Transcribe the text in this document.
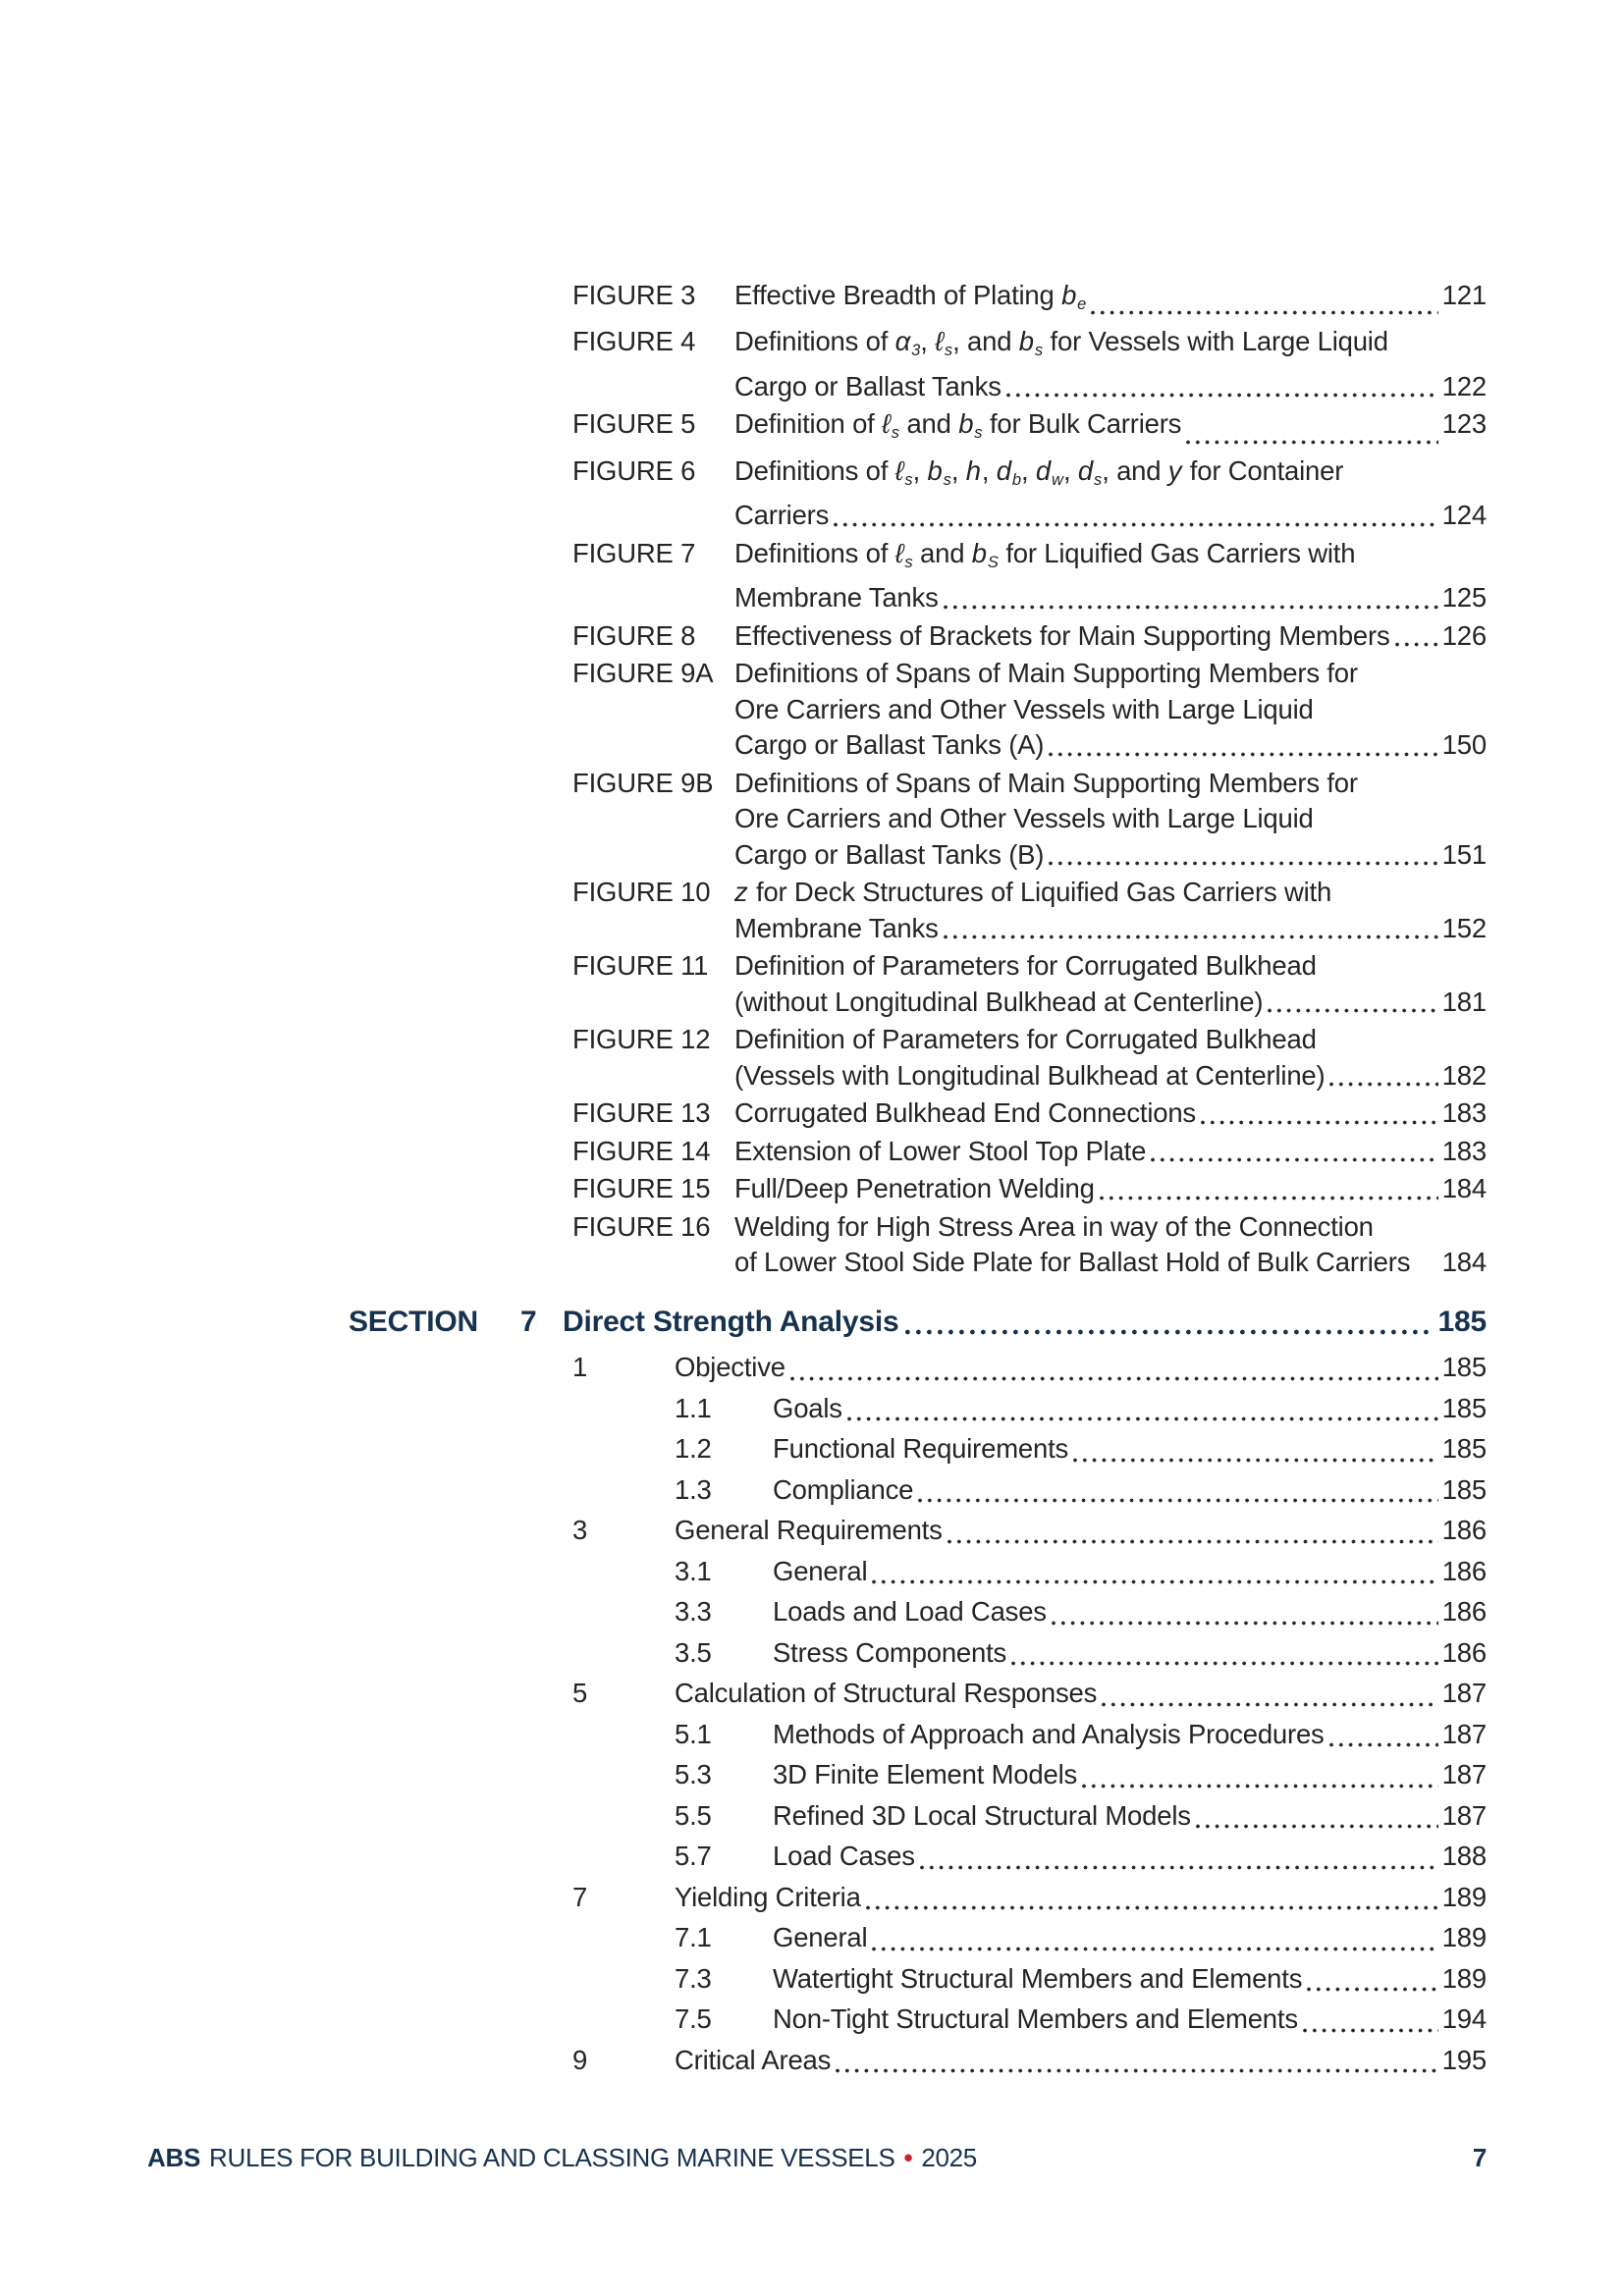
FIGURE 3	Effective Breadth of Plating $b_e$	121
FIGURE 4	Definitions of $\alpha_3$, ℓ$_s$, and $b_s$ for Vessels with Large Liquid
Cargo or Ballast Tanks	122
FIGURE 5	Definition of ℓ$_s$ and $b_s$ for Bulk Carriers	123
FIGURE 6	Definitions of ℓ$_s$, $b_s$, h, $d_b$, $d_w$, $d_s$, and y for Container
Carriers	124
FIGURE 7	Definitions of ℓ$_s$ and $b_S$ for Liquified Gas Carriers with
Membrane Tanks	125
FIGURE 8	Effectiveness of Brackets for Main Supporting Members 126
FIGURE 9A Definitions of Spans of Main Supporting Members for
Ore Carriers and Other Vessels with Large Liquid
Cargo or Ballast Tanks (A)	150
FIGURE 9B Definitions of Spans of Main Supporting Members for
Ore Carriers and Other Vessels with Large Liquid
Cargo or Ballast Tanks (B)	151
FIGURE 10 z for Deck Structures of Liquified Gas Carriers with
Membrane Tanks	152
FIGURE 11 Definition of Parameters for Corrugated Bulkhead
(without Longitudinal Bulkhead at Centerline)	181
FIGURE 12 Definition of Parameters for Corrugated Bulkhead
(Vessels with Longitudinal Bulkhead at Centerline)	182
FIGURE 13 Corrugated Bulkhead End Connections	183
FIGURE 14 Extension of Lower Stool Top Plate	183
FIGURE 15 Full/Deep Penetration Welding	184
FIGURE 16 Welding for High Stress Area in way of the Connection
of Lower Stool Side Plate for Ballast Hold of Bulk Carriers 184
SECTION	7 Direct Strength Analysis	185
1	Objective	185
1.1	Goals	185
1.2	Functional Requirements	185
1.3	Compliance	185
3	General Requirements	186
3.1	General	186
3.3	Loads and Load Cases	186
3.5	Stress Components	186
5	Calculation of Structural Responses	187
5.1	Methods of Approach and Analysis Procedures	187
5.3	3D Finite Element Models	187
5.5	Refined 3D Local Structural Models	187
5.7	Load Cases	188
7	Yielding Criteria	189
7.1	General	189
7.3	Watertight Structural Members and Elements	189
7.5	Non-Tight Structural Members and Elements	194
9	Critical Areas	195
ABS RULES FOR BUILDING AND CLASSING MARINE VESSELS • 2025	7
